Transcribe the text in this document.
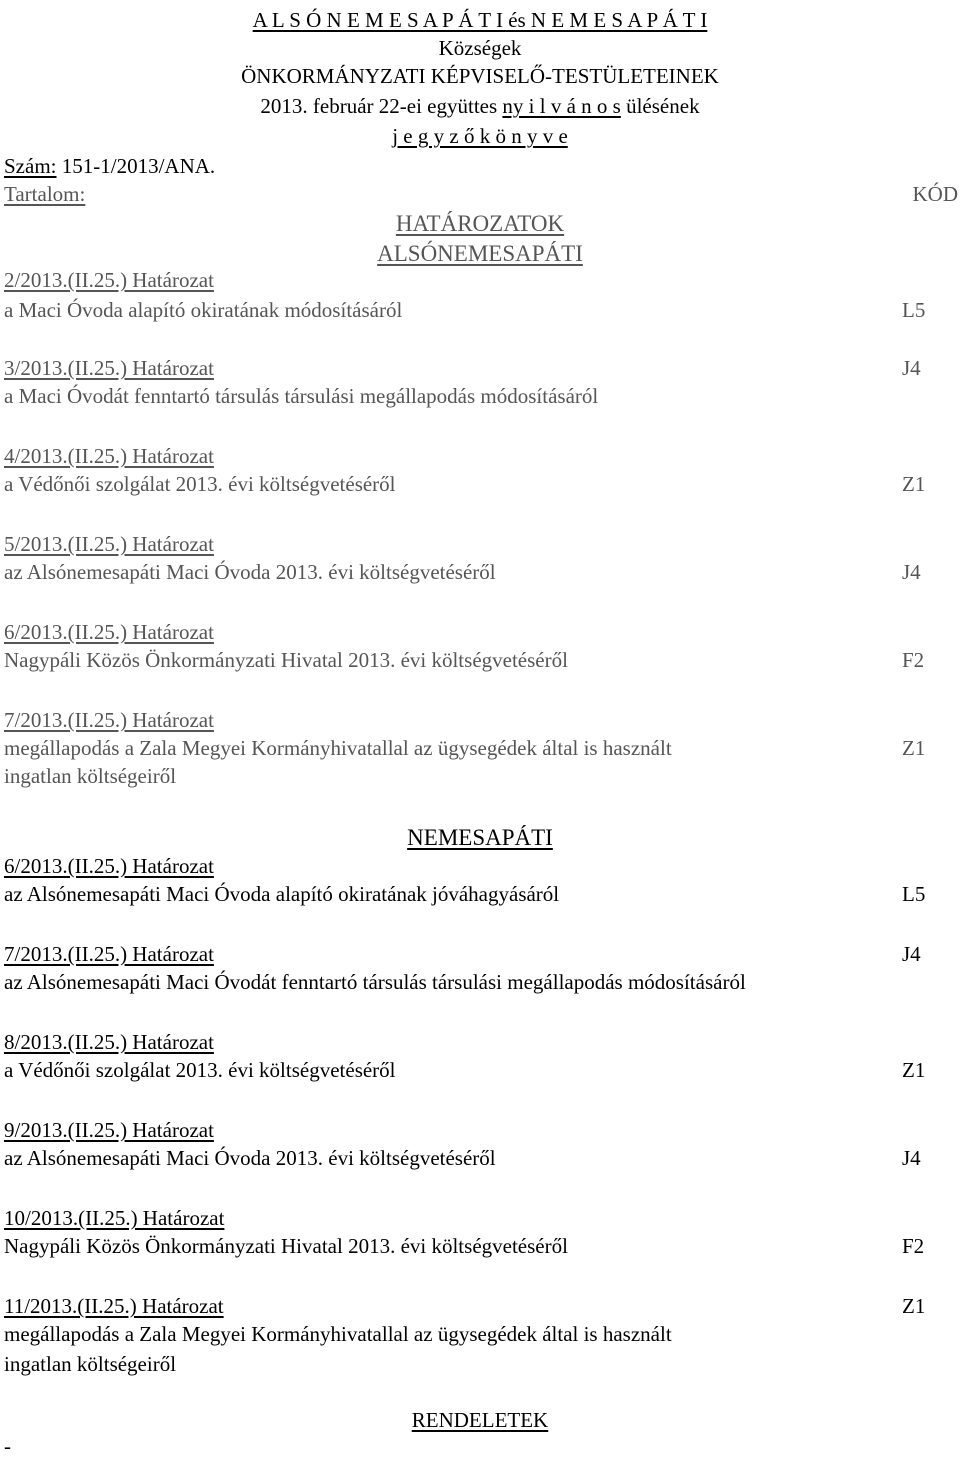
A L S Ó N E M E S A P Á T I és N E M E S A P Á T I
Községek
ÖNKORMÁNYZATI KÉPVISELŐ-TESTÜLETEINEK
2013. február 22-ei együttes ny i l v á n o s ülésének
j e g y z ő k ö n y v e
Szám: 151-1/2013/ANA.
Tartalom:	KÓD
HATÁROZATOK
ALSÓNEMESAPÁTI
2/2013.(II.25.) Határozat
a Maci Óvoda alapító okiratának módosításáról	L5
3/2013.(II.25.) Határozat	J4
a Maci Óvodát fenntartó társulás társulási megállapodás módosításáról
4/2013.(II.25.) Határozat
a Védőnői szolgálat 2013. évi költségvetéséről	Z1
5/2013.(II.25.) Határozat
az Alsónemesapáti Maci Óvoda 2013. évi költségvetéséről	J4
6/2013.(II.25.) Határozat
Nagypáli Közös Önkormányzati Hivatal 2013. évi költségvetéséről	F2
7/2013.(II.25.) Határozat
megállapodás a Zala Megyei Kormányhivatallal az ügysegédek által is használt	Z1
ingatlan költségeiről
NEMESAPÁTI
6/2013.(II.25.) Határozat
az Alsónemesapáti Maci Óvoda alapító okiratának jóváhagyásáról	L5
7/2013.(II.25.) Határozat	J4
az Alsónemesapáti Maci Óvodát fenntartó társulás társulási megállapodás módosításáról
8/2013.(II.25.) Határozat
a Védőnői szolgálat 2013. évi költségvetéséről	Z1
9/2013.(II.25.) Határozat
az Alsónemesapáti Maci Óvoda 2013. évi költségvetéséről	J4
10/2013.(II.25.) Határozat
Nagypáli Közös Önkormányzati Hivatal 2013. évi költségvetéséről	F2
11/2013.(II.25.) Határozat	Z1
megállapodás a Zala Megyei Kormányhivatallal az ügysegédek által is használt
ingatlan költségeiről
RENDELETEK
-
